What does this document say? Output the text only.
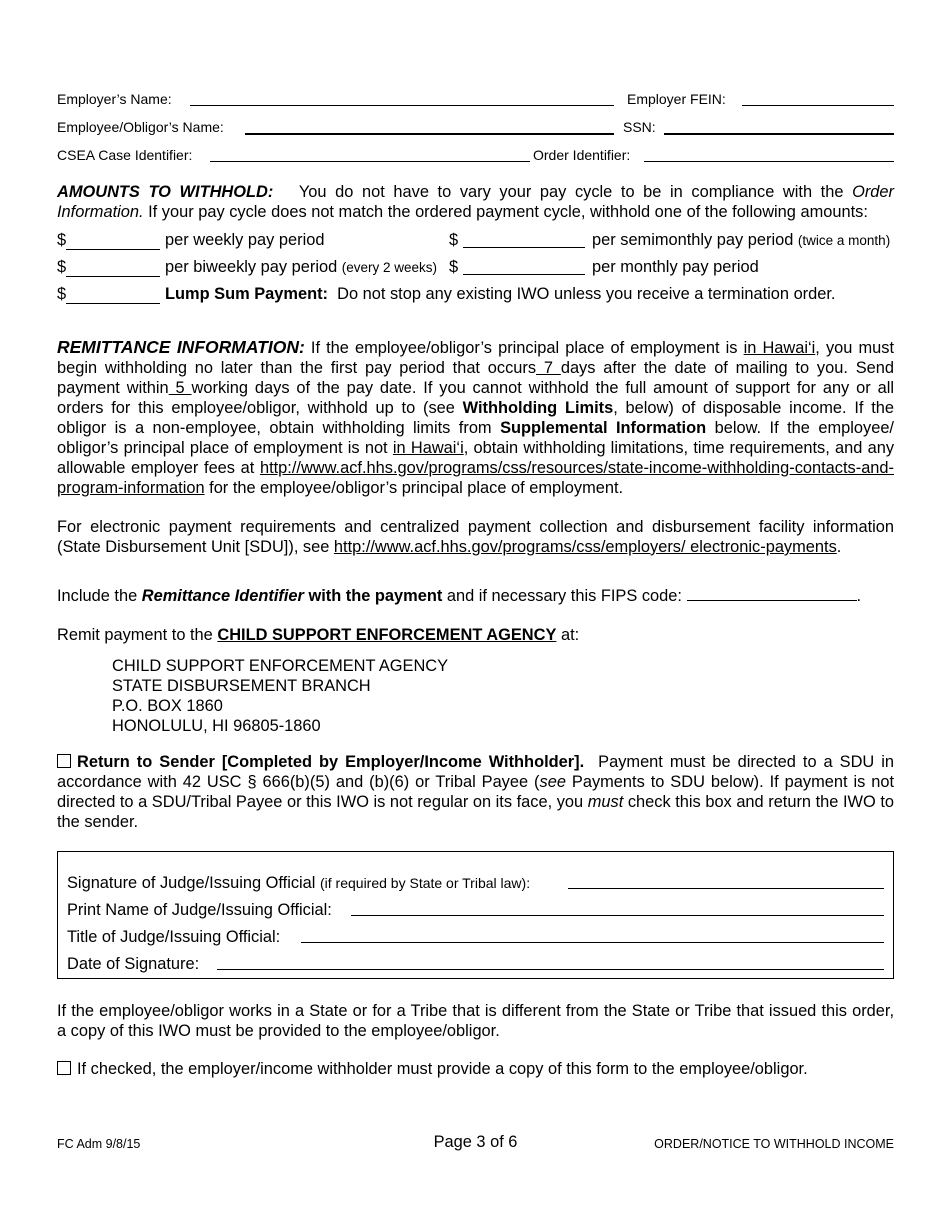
Employer’s Name:	Employer FEIN:
Employee/Obligor’s Name:	SSN:
CSEA Case Identifier:	Order Identifier:
AMOUNTS TO WITHHOLD: You do not have to vary your pay cycle to be in compliance with the Order Information. If your pay cycle does not match the ordered payment cycle, withhold one of the following amounts:
$	per weekly pay period	$	per semimonthly pay period (twice a month)
$	per biweekly pay period (every 2 weeks) $	per monthly pay period
$	Lump Sum Payment: Do not stop any existing IWO unless you receive a termination order.
REMITTANCE INFORMATION: If the employee/obligor’s principal place of employment is in Hawai‘i, you must begin withholding no later than the first pay period that occurs 7 days after the date of mailing to you. Send payment within 5 working days of the pay date. If you cannot withhold the full amount of support for any or all orders for this employee/obligor, withhold up to (see Withholding Limits, below) of disposable income. If the obligor is a non-employee, obtain withholding limits from Supplemental Information below. If the employee/ obligor’s principal place of employment is not in Hawai‘i, obtain withholding limitations, time requirements, and any allowable employer fees at http://www.acf.hhs.gov/programs/css/resources/state-income-withholding-contacts-and-program-information for the employee/obligor’s principal place of employment.
For electronic payment requirements and centralized payment collection and disbursement facility information (State Disbursement Unit [SDU]), see http://www.acf.hhs.gov/programs/css/employers/ electronic-payments.
Include the Remittance Identifier with the payment and if necessary this FIPS code:	.
Remit payment to the CHILD SUPPORT ENFORCEMENT AGENCY at:
CHILD SUPPORT ENFORCEMENT AGENCY
STATE DISBURSEMENT BRANCH
P.O. BOX 1860
HONOLULU, HI 96805-1860
Return to Sender [Completed by Employer/Income Withholder]. Payment must be directed to a SDU in accordance with 42 USC § 666(b)(5) and (b)(6) or Tribal Payee (see Payments to SDU below). If payment is not directed to a SDU/Tribal Payee or this IWO is not regular on its face, you must check this box and return the IWO to the sender.
Signature of Judge/Issuing Official (if required by State or Tribal law):
Print Name of Judge/Issuing Official:
Title of Judge/Issuing Official:
Date of Signature:
If the employee/obligor works in a State or for a Tribe that is different from the State or Tribe that issued this order, a copy of this IWO must be provided to the employee/obligor.
If checked, the employer/income withholder must provide a copy of this form to the employee/obligor.
FC Adm 9/8/15	Page 3 of 6	ORDER/NOTICE TO WITHHOLD INCOME
